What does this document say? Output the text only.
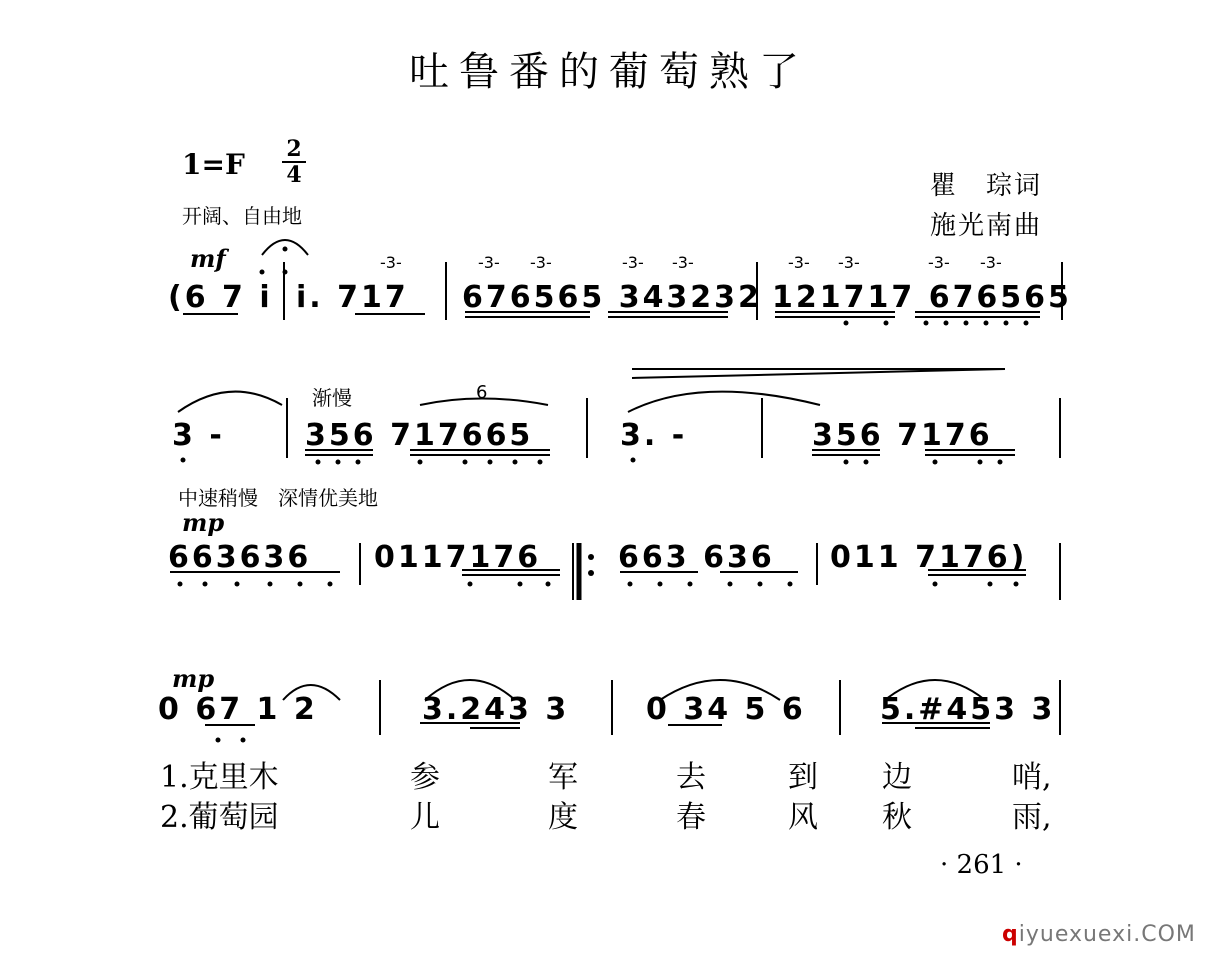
吐鲁番的葡萄熟了
1=F 2
4
开阔、自由地
瞿　琮词
施光南曲
-3-	-3- -3-	-3- -3-	-3- -3-	-3- -3-
mf
(6 7 i i. 717 676565 343232 121717 676565
渐慢	6
3 -	356 717665	3. -	356 7176
中速稍慢　深情优美地
mp
663636 0117176	663 636 011 7176)
mp
0 67 1 2	3.243 3	0 34 5 6 5.#453 3
1.克里木	参	军	去	到 边	哨,
2.葡萄园	儿	度	春	风 秋	雨,
· 261 ·
qiyuexuexi.COM
